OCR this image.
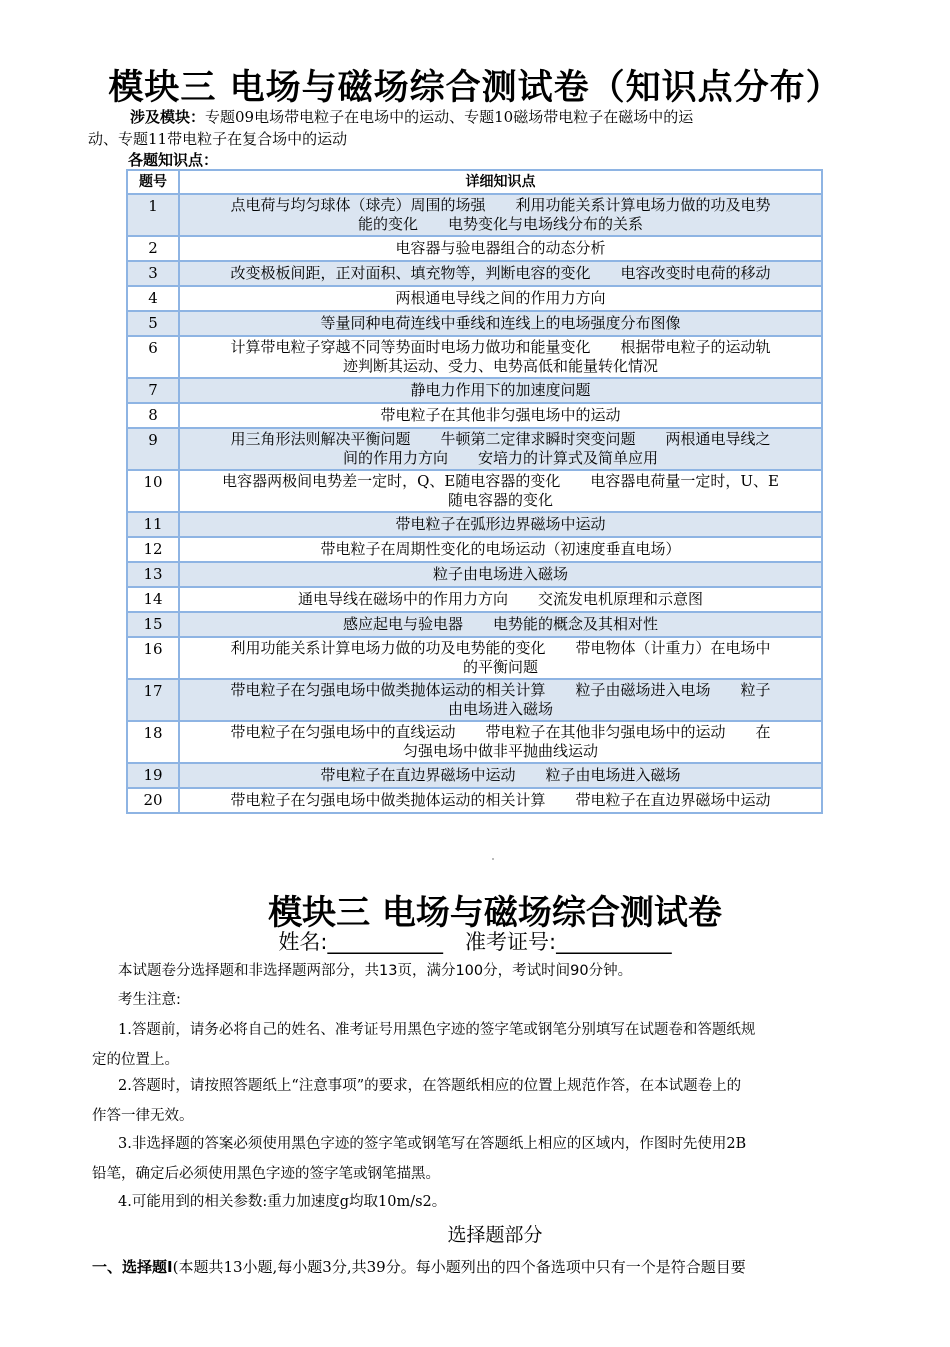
模块三 电场与磁场综合测试卷（知识点分布）
涉及模块：专题09电场带电粒子在电场中的运动、专题10磁场带电粒子在磁场中的运
动、专题11带电粒子在复合场中的运动
各题知识点：
题号	详细知识点
1	点电荷与均匀球体（球壳）周围的场强　　利用功能关系计算电场力做的功及电势
能的变化　　电势变化与电场线分布的关系

2	电容器与验电器组合的动态分析

3	改变极板间距，正对面积、填充物等，判断电容的变化　　电容改变时电荷的移动

4	两根通电导线之间的作用力方向

5	等量同种电荷连线中垂线和连线上的电场强度分布图像

6	计算带电粒子穿越不同等势面时电场力做功和能量变化　　根据带电粒子的运动轨
迹判断其运动、受力、电势高低和能量转化情况

7	静电力作用下的加速度问题

8	带电粒子在其他非匀强电场中的运动

9	用三角形法则解决平衡问题　　牛顿第二定律求瞬时突变问题　　两根通电导线之
间的作用力方向　　安培力的计算式及简单应用

10	电容器两极间电势差一定时，Q、E随电容器的变化　　电容器电荷量一定时，U、E
随电容器的变化

11	带电粒子在弧形边界磁场中运动

12	带电粒子在周期性变化的电场运动（初速度垂直电场）

13	粒子由电场进入磁场

14	通电导线在磁场中的作用力方向　　交流发电机原理和示意图

15	感应起电与验电器　　电势能的概念及其相对性

16	利用功能关系计算电场力做的功及电势能的变化　　带电物体（计重力）在电场中
的平衡问题

17	带电粒子在匀强电场中做类抛体运动的相关计算　　粒子由磁场进入电场　　粒子
由电场进入磁场

18	带电粒子在匀强电场中的直线运动　　带电粒子在其他非匀强电场中的运动　　在
匀强电场中做非平抛曲线运动

19	带电粒子在直边界磁场中运动　　粒子由电场进入磁场

20	带电粒子在匀强电场中做类抛体运动的相关计算　　带电粒子在直边界磁场中运动
模块三 电场与磁场综合测试卷
姓名:___________ 准考证号:___________
本试题卷分选择题和非选择题两部分，共13页，满分100分，考试时间90分钟。
考生注意:
1.答题前，请务必将自己的姓名、准考证号用黑色字迹的签字笔或钢笔分别填写在试题卷和答题纸规
定的位置上。
2.答题时，请按照答题纸上“注意事项”的要求，在答题纸相应的位置上规范作答，在本试题卷上的
作答一律无效。
3.非选择题的答案必须使用黑色字迹的签字笔或钢笔写在答题纸上相应的区域内，作图时先使用2B
铅笔，确定后必须使用黑色字迹的签字笔或钢笔描黑。
4.可能用到的相关参数:重力加速度g均取10m/s2。
选择题部分
一、选择题Ⅰ(本题共13小题,每小题3分,共39分。每小题列出的四个备选项中只有一个是符合题目要
